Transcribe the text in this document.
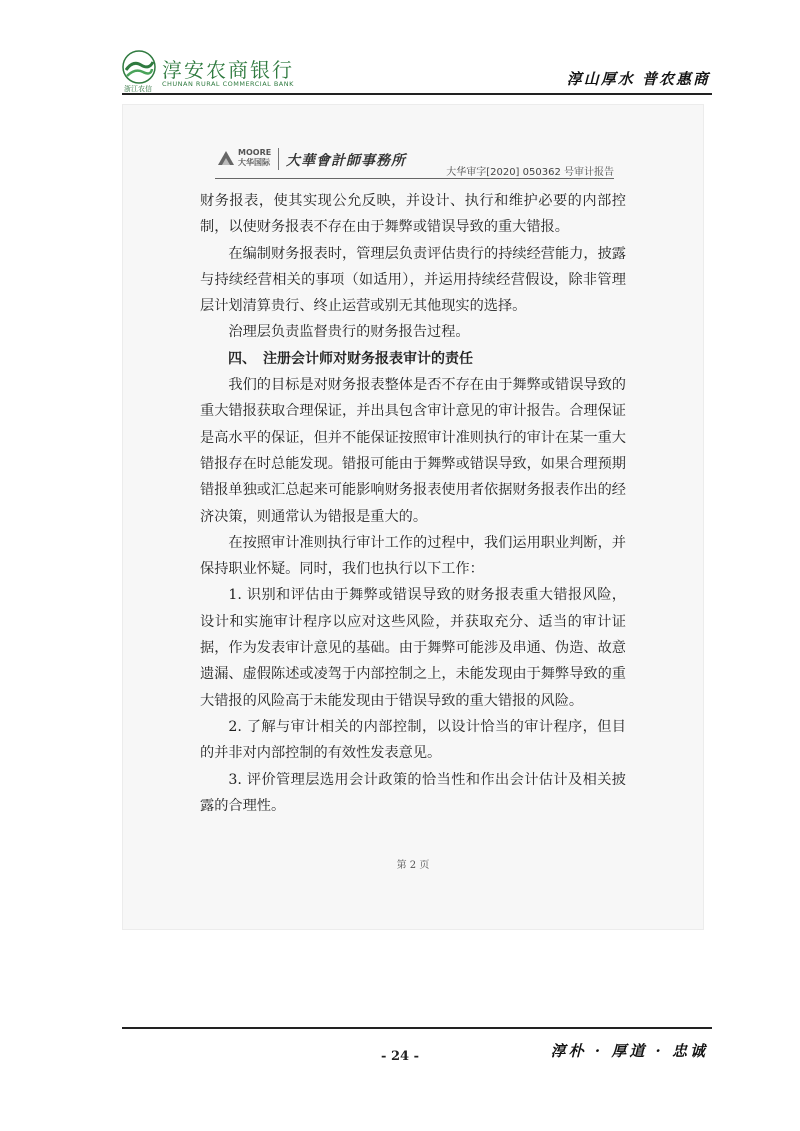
浙江农信
淳安农商银行
CHUNAN RURAL COMMERCIAL BANK	淳山厚水 普农惠商
MOORE
大华国际 大華會計師事務所
大华审字[2020] 050362 号审计报告

财务报表，使其实现公允反映，并设计、执行和维护必要的内部控制，以使财务报表不存在由于舞弊或错误导致的重大错报。

在编制财务报表时，管理层负责评估贵行的持续经营能力，披露与持续经营相关的事项（如适用），并运用持续经营假设，除非管理层计划清算贵行、终止运营或别无其他现实的选择。

治理层负责监督贵行的财务报告过程。

四、　注册会计师对财务报表审计的责任

我们的目标是对财务报表整体是否不存在由于舞弊或错误导致的重大错报获取合理保证，并出具包含审计意见的审计报告。合理保证是高水平的保证，但并不能保证按照审计准则执行的审计在某一重大错报存在时总能发现。错报可能由于舞弊或错误导致，如果合理预期错报单独或汇总起来可能影响财务报表使用者依据财务报表作出的经济决策，则通常认为错报是重大的。

在按照审计准则执行审计工作的过程中，我们运用职业判断，并保持职业怀疑。同时，我们也执行以下工作：

1. 识别和评估由于舞弊或错误导致的财务报表重大错报风险，设计和实施审计程序以应对这些风险，并获取充分、适当的审计证据，作为发表审计意见的基础。由于舞弊可能涉及串通、伪造、故意遗漏、虚假陈述或凌驾于内部控制之上，未能发现由于舞弊导致的重大错报的风险高于未能发现由于错误导致的重大错报的风险。

2. 了解与审计相关的内部控制，以设计恰当的审计程序，但目的并非对内部控制的有效性发表意见。

3. 评价管理层选用会计政策的恰当性和作出会计估计及相关披露的合理性。

第 2 页
- 24 -	淳朴 · 厚道 · 忠诚
